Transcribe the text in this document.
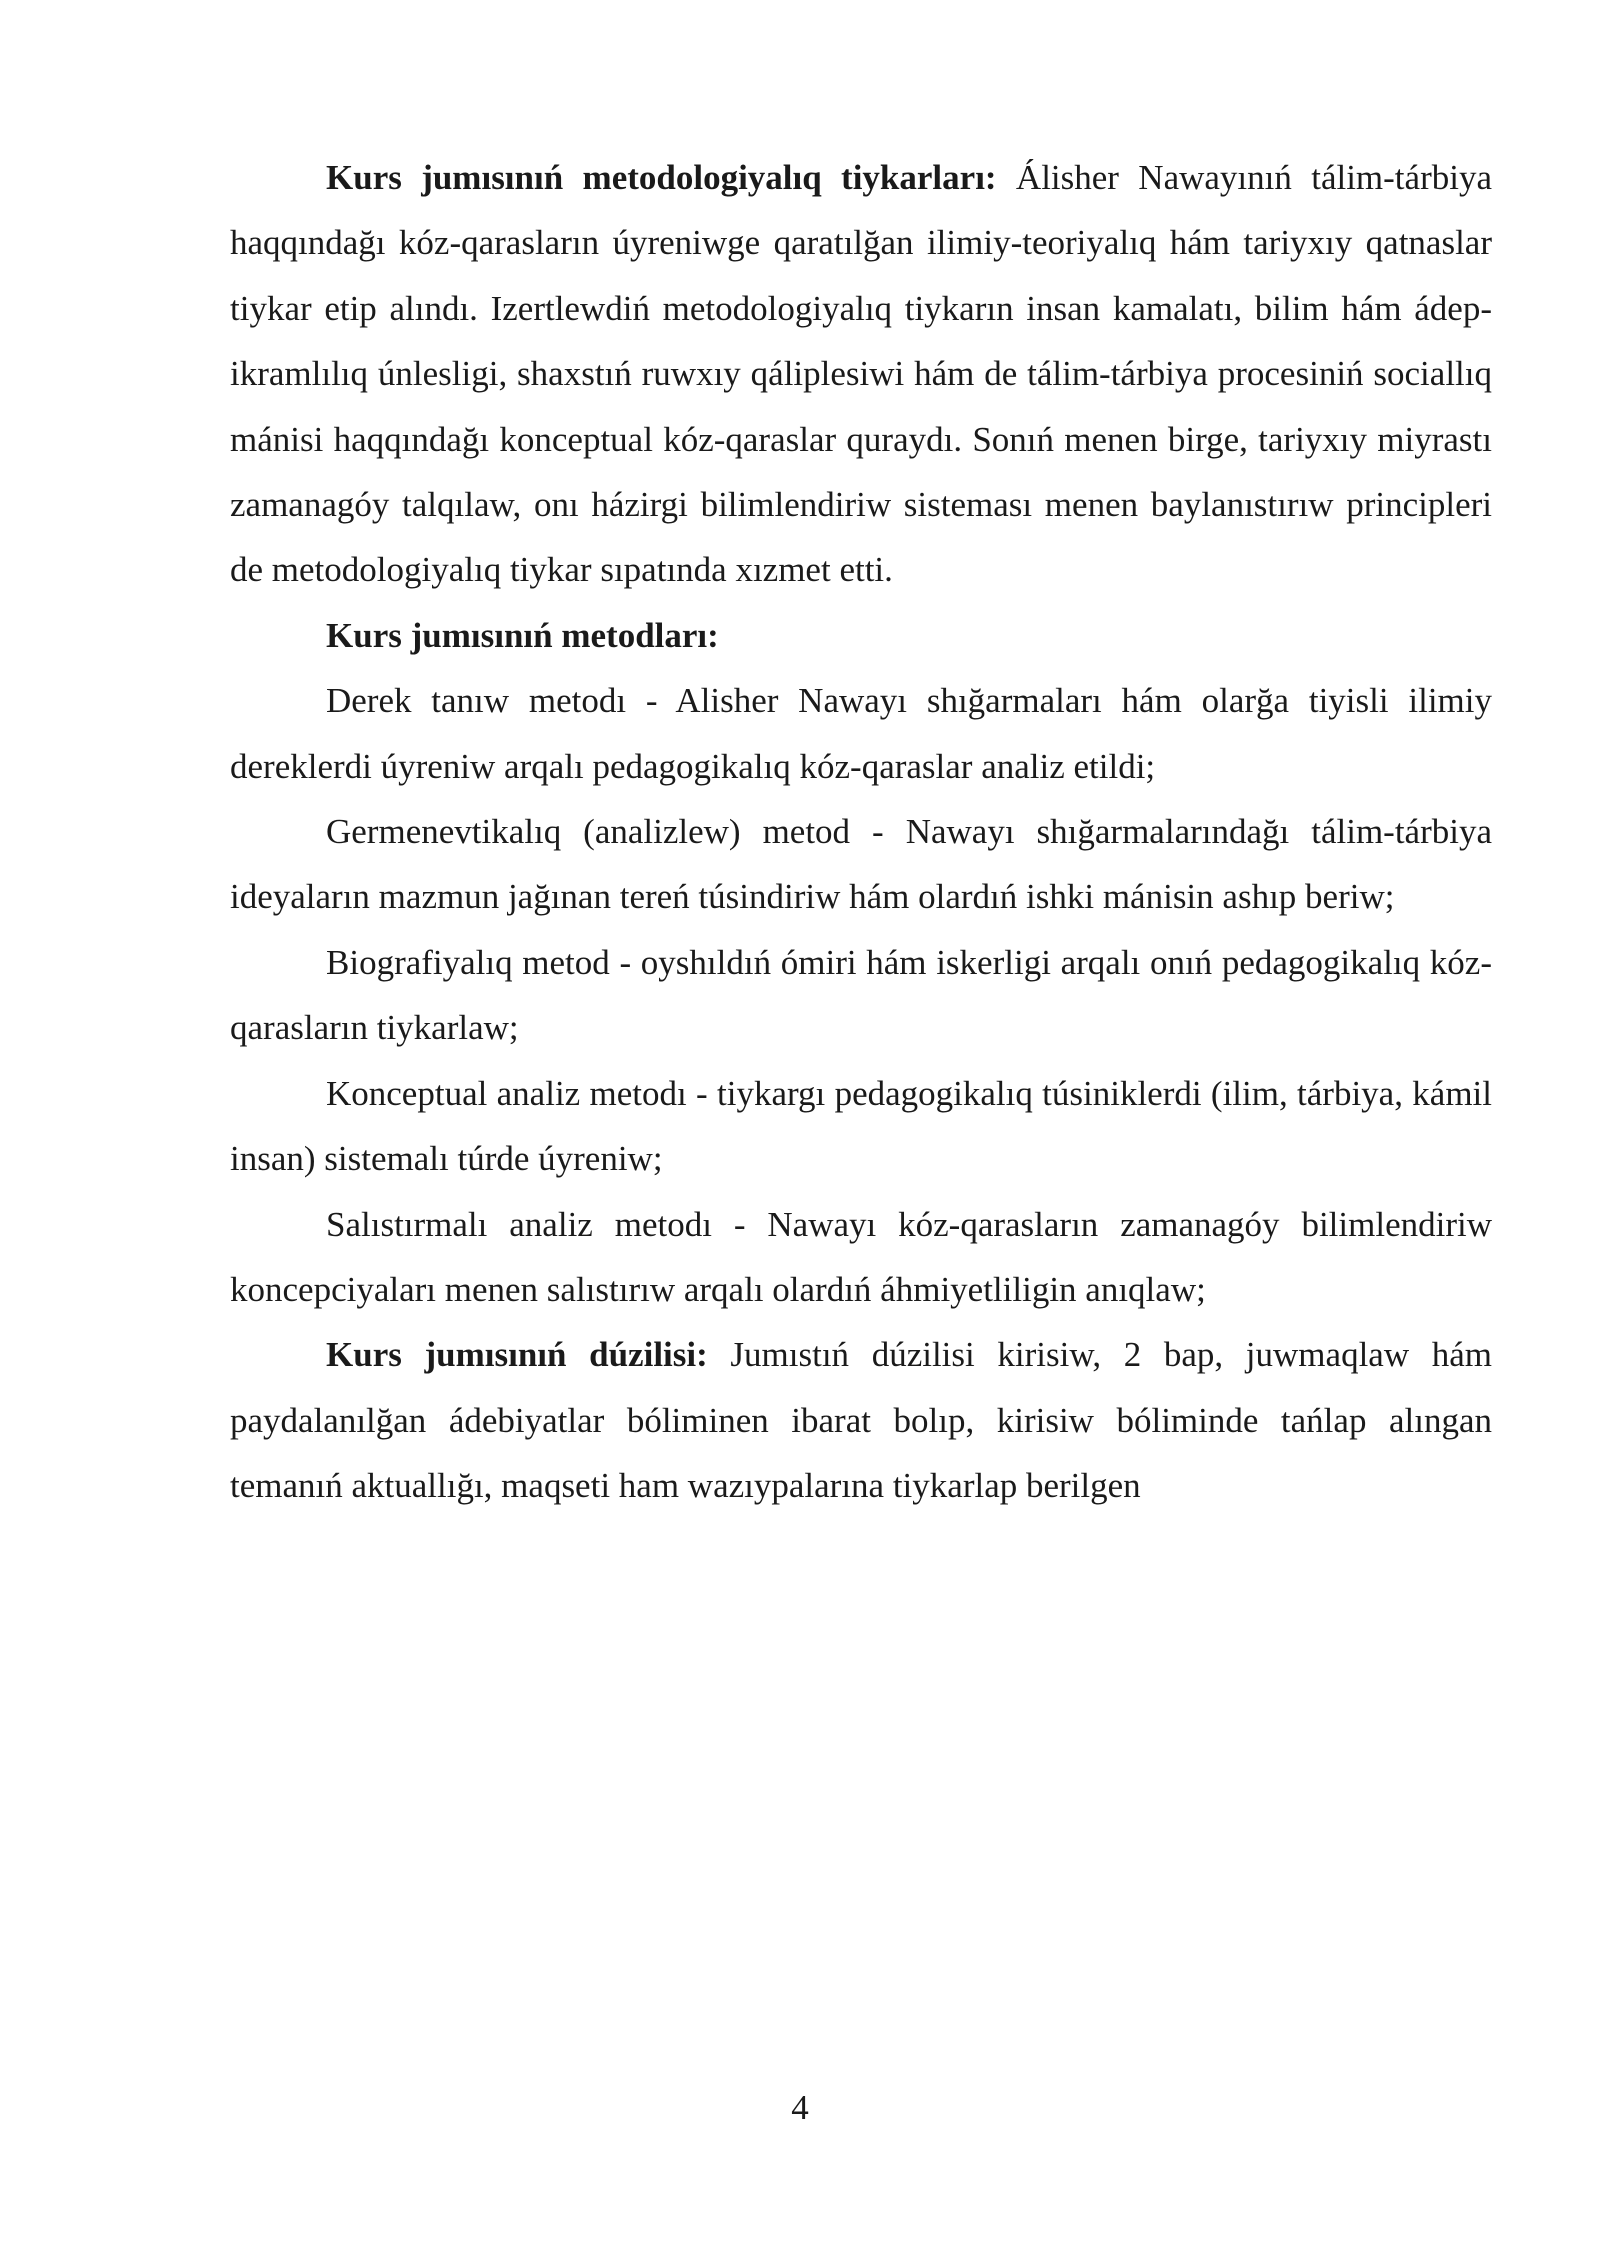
Kurs jumısınıń metodologiyalıq tiykarları: Álisher Nawayınıń tálim-tárbiya haqqındağı kóz-qarasların úyreniwge qaratılğan ilimiy-teoriyalıq hám tariyxıy qatnaslar tiykar etip alındı. Izertlewdiń metodologiyalıq tiykarın insan kamalatı, bilim hám ádep-ikramlılıq únlesligi, shaxstıń ruwxıy qáliplesiwi hám de tálim-tárbiya procesiniń sociallıq mánisi haqqındağı konceptual kóz-qaraslar quraydı. Sonıń menen birge, tariyxıy miyrastı zamanagóy talqılaw, onı házirgi bilimlendiriw sisteması menen baylanıstırıw principleri de metodologiyalıq tiykar sıpatında xızmet etti.

Kurs jumısınıń metodları:

Derek tanıw metodı - Alisher Nawayı shığarmaları hám olarğa tiyisli ilimiy dereklerdi úyreniw arqalı pedagogikalıq kóz-qaraslar analiz etildi;

Germenevtikalıq (analizlew) metod - Nawayı shığarmalarındağı tálim-tárbiya ideyaların mazmun jağınan tereń túsindiriw hám olardıń ishki mánisin ashıp beriw;

Biografiyalıq metod - oyshıldıń ómiri hám iskerligi arqalı onıń pedagogikalıq kóz-qarasların tiykarlaw;

Konceptual analiz metodı - tiykargı pedagogikalıq túsiniklerdi (ilim, tárbiya, kámil insan) sistemalı túrde úyreniw;

Salıstırmalı analiz metodı - Nawayı kóz-qarasların zamanagóy bilimlendiriw koncepciyaları menen salıstırıw arqalı olardıń áhmiyetliligin anıqlaw;

Kurs jumısınıń dúzilisi: Jumıstıń dúzilisi kirisiw, 2 bap, juwmaqlaw hám paydalanılğan ádebiyatlar bóliminen ibarat bolıp, kirisiw bóliminde tańlap alıngan temanıń aktuallığı, maqseti ham wazıypalarına tiykarlap berilgen

4
